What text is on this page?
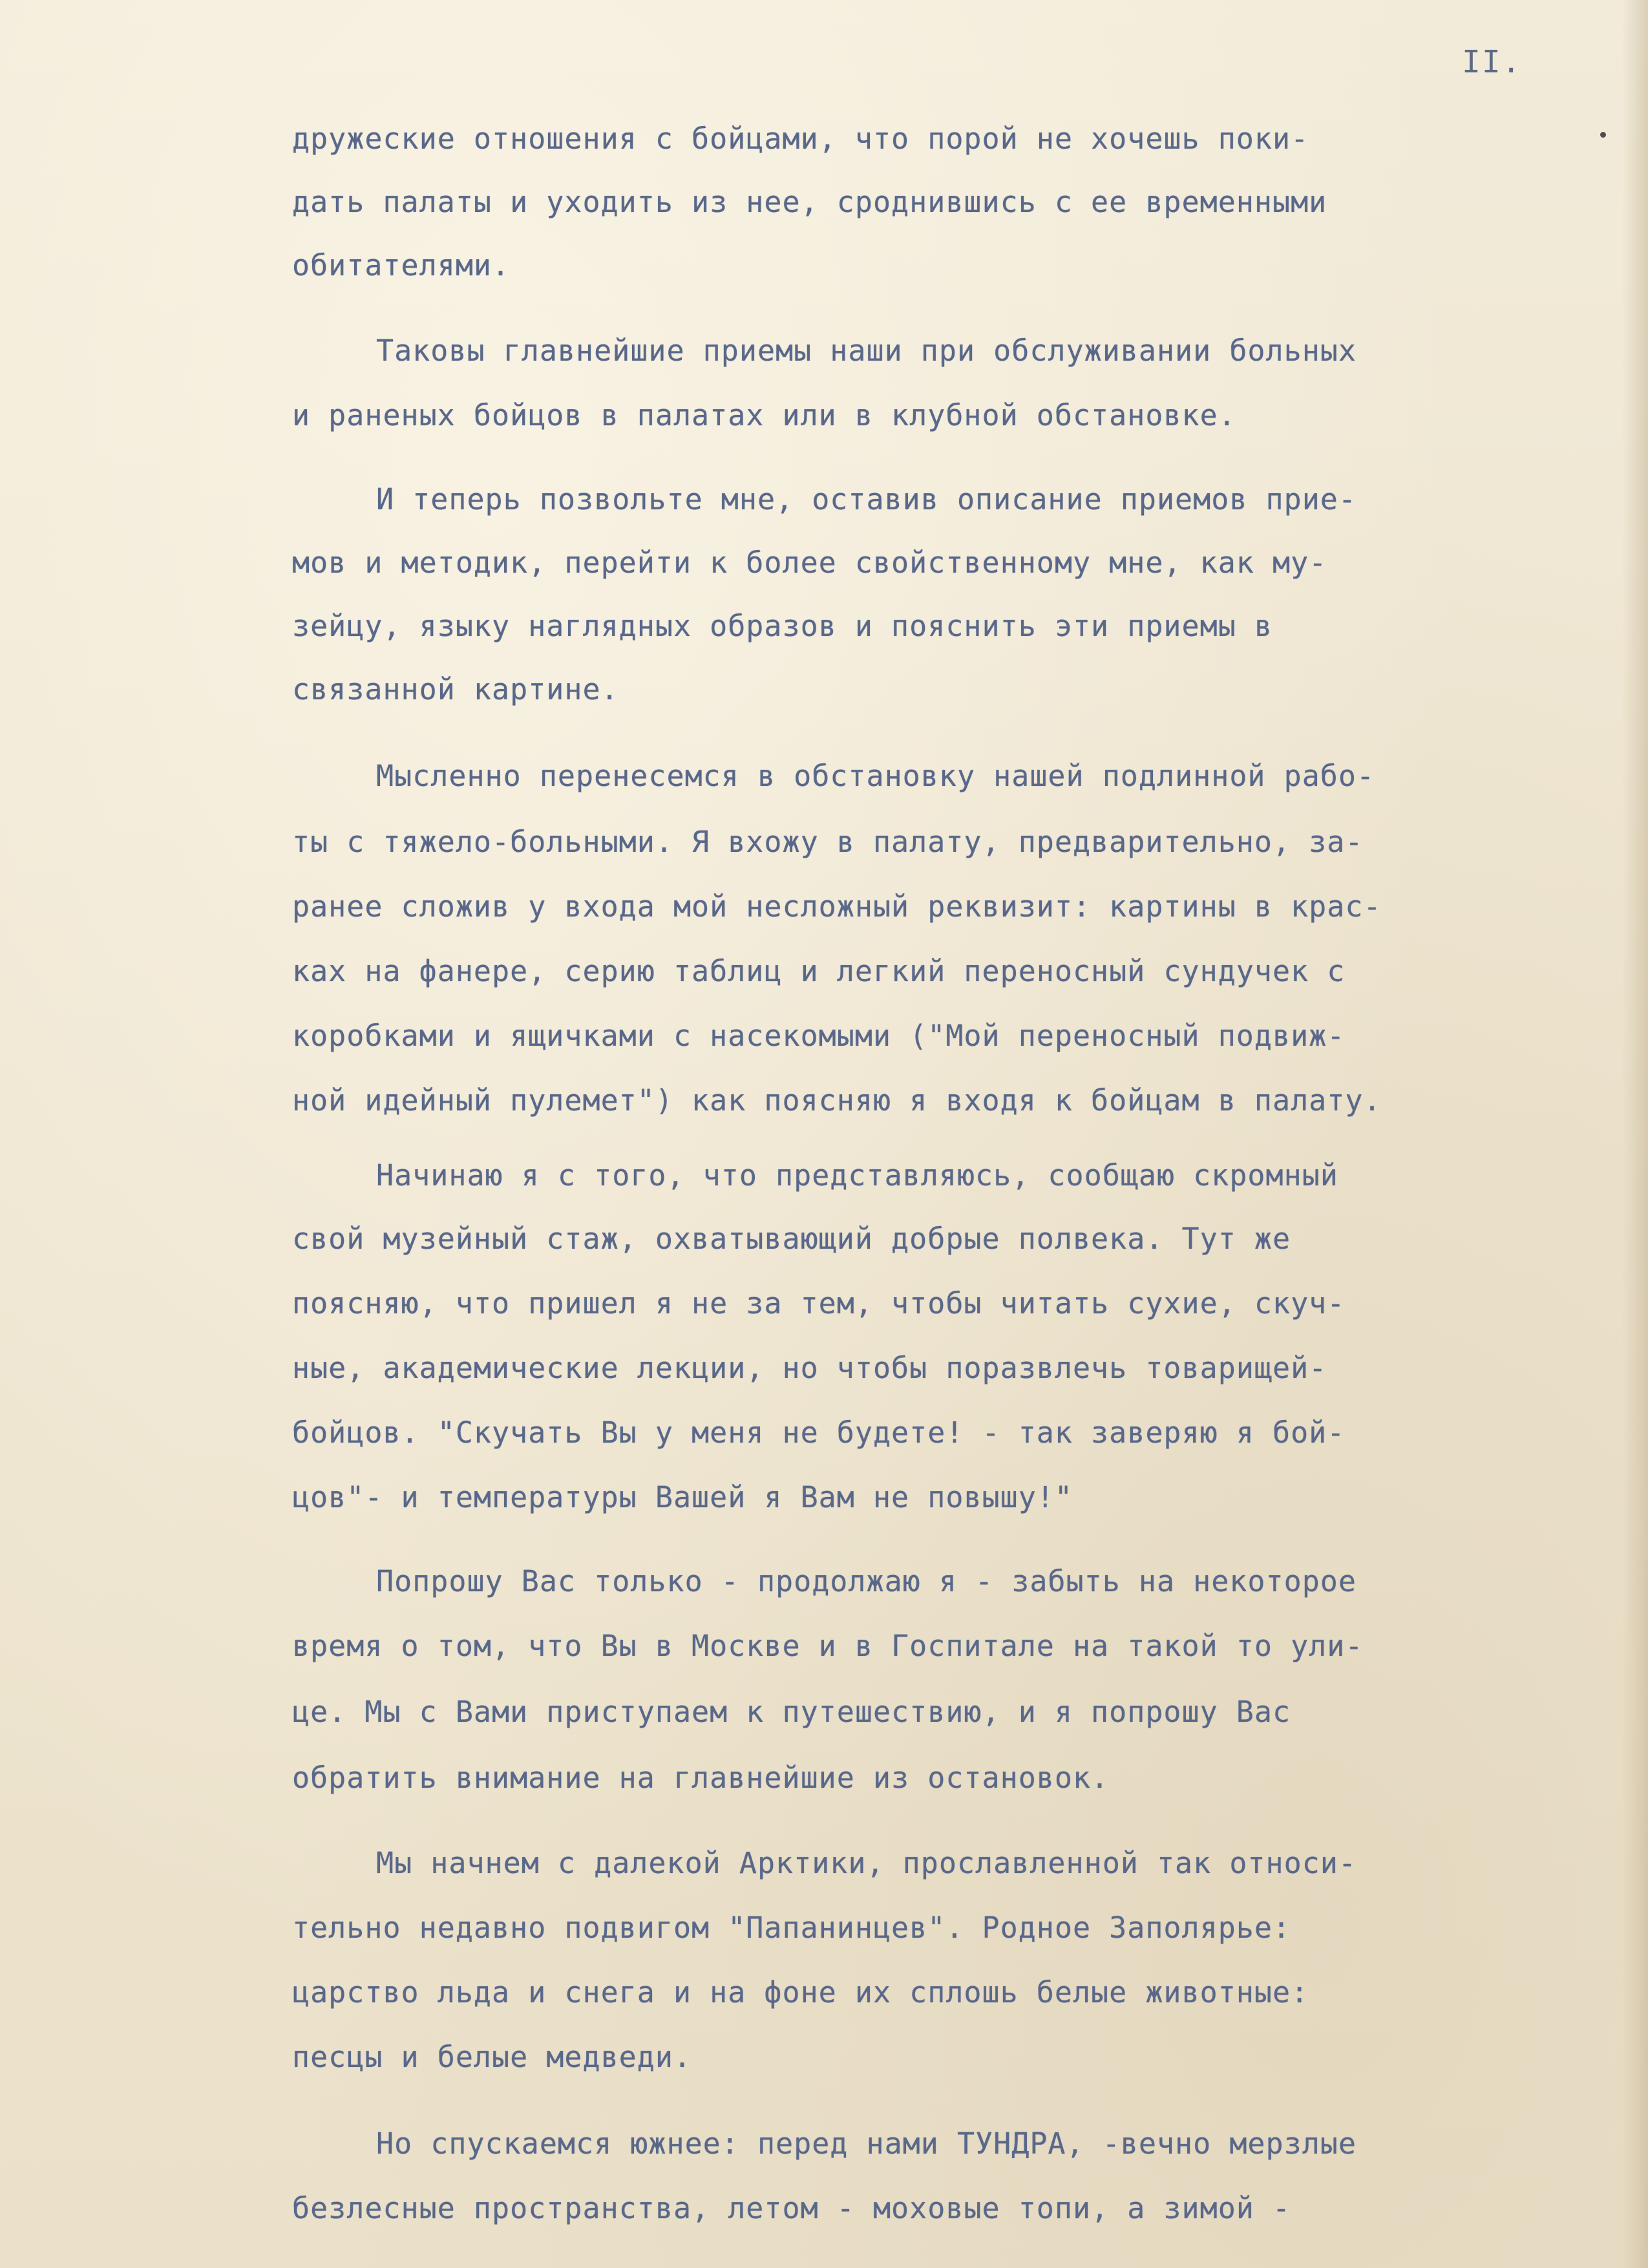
II.
дружеские отношения с бойцами, что порой не хочешь поки-
дать палаты и уходить из нее, сроднившись с ее временными
обитателями.
Таковы главнейшие приемы наши при обслуживании больных
и раненых бойцов в палатах или в клубной обстановке.
И теперь позвольте мне, оставив описание приемов прие-
мов и методик, перейти к более свойственному мне, как му-
зейцу, языку наглядных образов и пояснить эти приемы в
связанной картине.
Мысленно перенесемся в обстановку нашей подлинной рабо-
ты с тяжело-больными. Я вхожу в палату, предварительно, за-
ранее сложив у входа мой несложный реквизит: картины в крас-
ках на фанере, серию таблиц и легкий переносный сундучек с
коробками и ящичками с насекомыми ("Мой переносный подвиж-
ной идейный пулемет") как поясняю я входя к бойцам в палату.
Начинаю я с того, что представляюсь, сообщаю скромный
свой музейный стаж, охватывающий добрые полвека. Тут же
поясняю, что пришел я не за тем, чтобы читать сухие, скуч-
ные, академические лекции, но чтобы поразвлечь товарищей-
бойцов. "Скучать Вы у меня не будете! - так заверяю я бой-
цов"- и температуры Вашей я Вам не повышу!"
Попрошу Вас только - продолжаю я - забыть на некоторое
время о том, что Вы в Москве и в Госпитале на такой то ули-
це. Мы с Вами приступаем к путешествию, и я попрошу Вас
обратить внимание на главнейшие из остановок.
Мы начнем с далекой Арктики, прославленной так относи-
тельно недавно подвигом "Папанинцев". Родное Заполярье:
царство льда и снега и на фоне их сплошь белые животные:
песцы и белые медведи.
Но спускаемся южнее: перед нами ТУНДРА, -вечно мерзлые
безлесные пространства, летом - моховые топи, а зимой -
